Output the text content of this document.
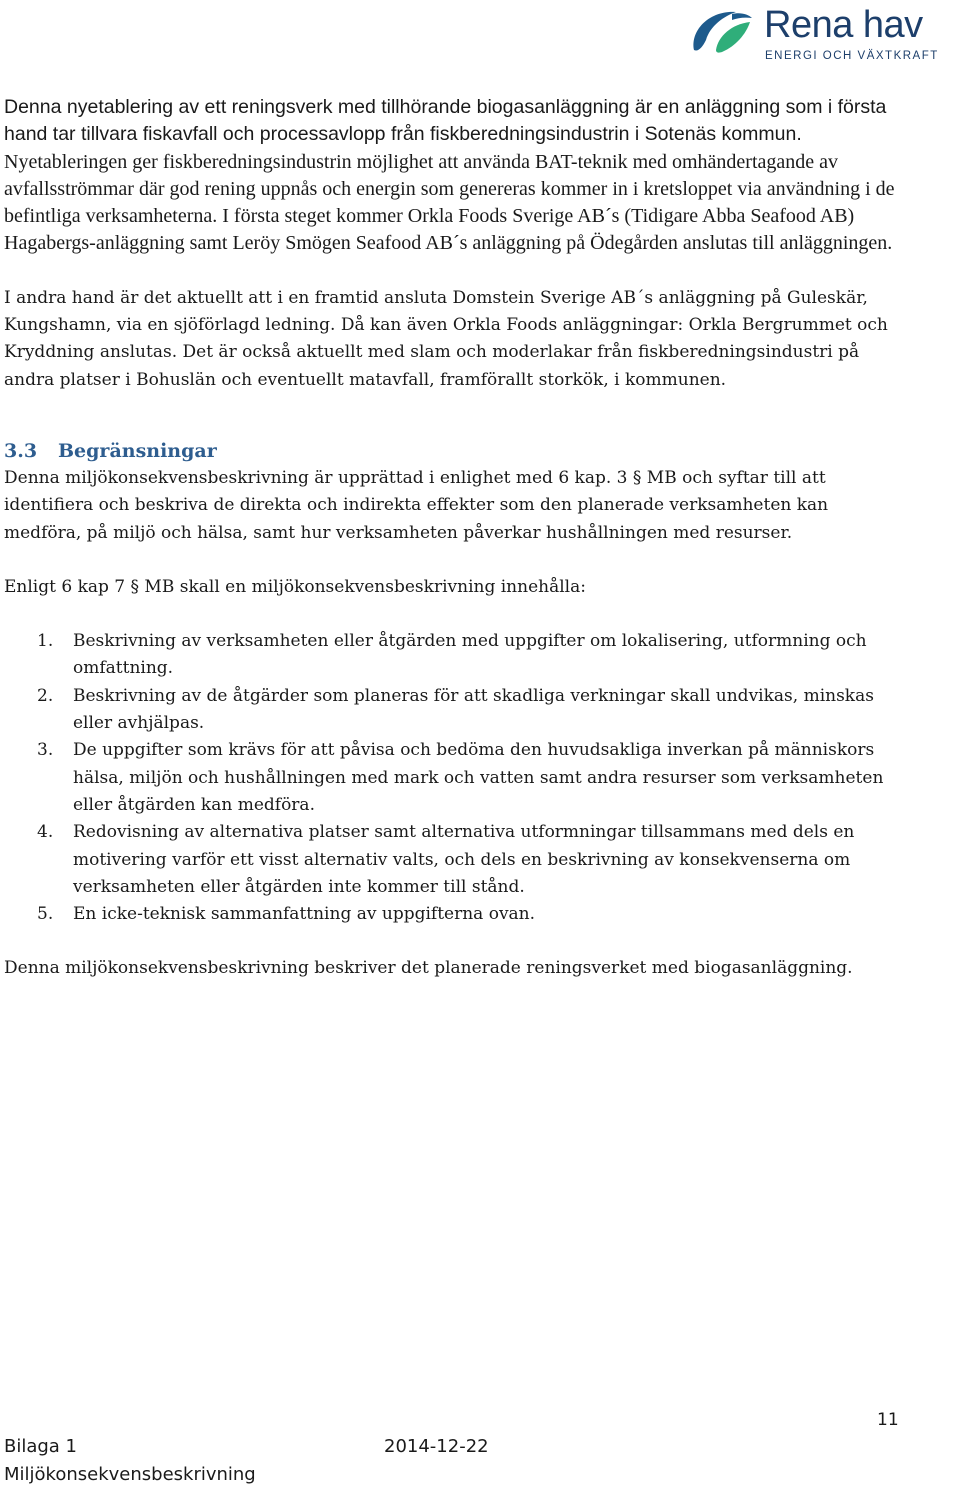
Rena hav
ENERGI OCH VÄXTKRAFT

Denna nyetablering av ett reningsverk med tillhörande biogasanläggning är en anläggning som i första hand tar tillvara fiskavfall och processavlopp från fiskberedningsindustrin i Sotenäs kommun. Nyetableringen ger fiskberedningsindustrin möjlighet att använda BAT-teknik med omhändertagande av avfallsströmmar där god rening uppnås och energin som genereras kommer in i kretsloppet via användning i de befintliga verksamheterna. I första steget kommer Orkla Foods Sverige AB´s (Tidigare Abba Seafood AB) Hagabergs-anläggning samt Leröy Smögen Seafood AB´s anläggning på Ödegården anslutas till anläggningen.

I andra hand är det aktuellt att i en framtid ansluta Domstein Sverige AB´s anläggning på Guleskär, Kungshamn, via en sjöförlagd ledning. Då kan även Orkla Foods anläggningar: Orkla Bergrummet och Kryddning anslutas. Det är också aktuellt med slam och moderlakar från fiskberedningsindustri på andra platser i Bohuslän och eventuellt matavfall, framförallt storkök, i kommunen.

3.3 Begränsningar

Denna miljökonsekvensbeskrivning är upprättad i enlighet med 6 kap. 3 § MB och syftar till att identifiera och beskriva de direkta och indirekta effekter som den planerade verksamheten kan medföra, på miljö och hälsa, samt hur verksamheten påverkar hushållningen med resurser.

Enligt 6 kap 7 § MB skall en miljökonsekvensbeskrivning innehålla:

1. Beskrivning av verksamheten eller åtgärden med uppgifter om lokalisering, utformning och omfattning.
2. Beskrivning av de åtgärder som planeras för att skadliga verkningar skall undvikas, minskas eller avhjälpas.
3. De uppgifter som krävs för att påvisa och bedöma den huvudsakliga inverkan på människors hälsa, miljön och hushållningen med mark och vatten samt andra resurser som verksamheten eller åtgärden kan medföra.
4. Redovisning av alternativa platser samt alternativa utformningar tillsammans med dels en motivering varför ett visst alternativ valts, och dels en beskrivning av konsekvenserna om verksamheten eller åtgärden inte kommer till stånd.
5. En icke-teknisk sammanfattning av uppgifterna ovan.

Denna miljökonsekvensbeskrivning beskriver det planerade reningsverket med biogasanläggning.

11
Bilaga 1	2014-12-22
Miljökonsekvensbeskrivning
